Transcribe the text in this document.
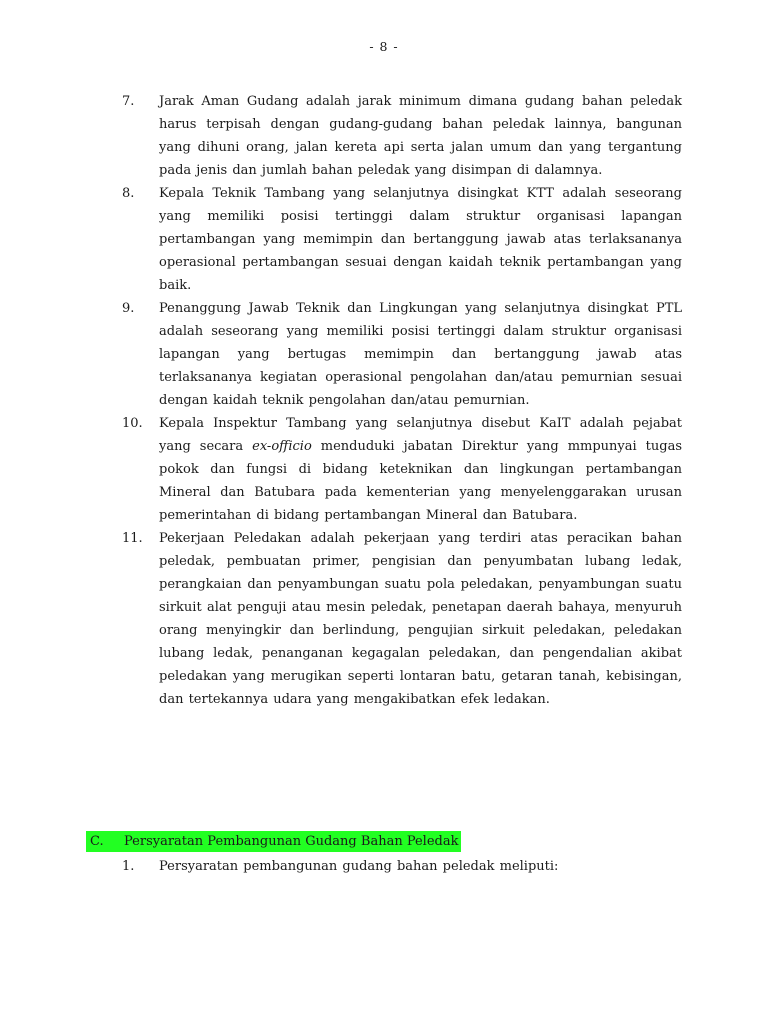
- 8 -
7.	Jarak Aman Gudang adalah jarak minimum dimana gudang bahan peledak harus terpisah dengan gudang-gudang bahan peledak lainnya, bangunan yang dihuni orang, jalan kereta api serta jalan umum dan yang tergantung pada jenis dan jumlah bahan peledak yang disimpan di dalamnya.
8.	Kepala Teknik Tambang yang selanjutnya disingkat KTT adalah seseorang yang memiliki posisi tertinggi dalam struktur organisasi lapangan pertambangan yang memimpin dan bertanggung jawab atas terlaksananya operasional pertambangan sesuai dengan kaidah teknik pertambangan yang baik.
9.	Penanggung Jawab Teknik dan Lingkungan yang selanjutnya disingkat PTL adalah seseorang yang memiliki posisi tertinggi dalam struktur organisasi lapangan yang bertugas memimpin dan bertanggung jawab atas terlaksananya kegiatan operasional pengolahan dan/atau pemurnian sesuai dengan kaidah teknik pengolahan dan/atau pemurnian.
10.	Kepala Inspektur Tambang yang selanjutnya disebut KaIT adalah pejabat yang secara ex-officio menduduki jabatan Direktur yang mmpunyai tugas pokok dan fungsi di bidang keteknikan dan lingkungan pertambangan Mineral dan Batubara pada kementerian yang menyelenggarakan urusan pemerintahan di bidang pertambangan Mineral dan Batubara.
11.	Pekerjaan Peledakan adalah pekerjaan yang terdiri atas peracikan bahan peledak, pembuatan primer, pengisian dan penyumbatan lubang ledak, perangkaian dan penyambungan suatu pola peledakan, penyambungan suatu sirkuit alat penguji atau mesin peledak, penetapan daerah bahaya, menyuruh orang menyingkir dan berlindung, pengujian sirkuit peledakan, peledakan lubang ledak, penanganan kegagalan peledakan, dan pengendalian akibat peledakan yang merugikan seperti lontaran batu, getaran tanah, kebisingan, dan tertekannya udara yang mengakibatkan efek ledakan.
C.	Persyaratan Pembangunan Gudang Bahan Peledak
1.	Persyaratan pembangunan gudang bahan peledak meliputi:
